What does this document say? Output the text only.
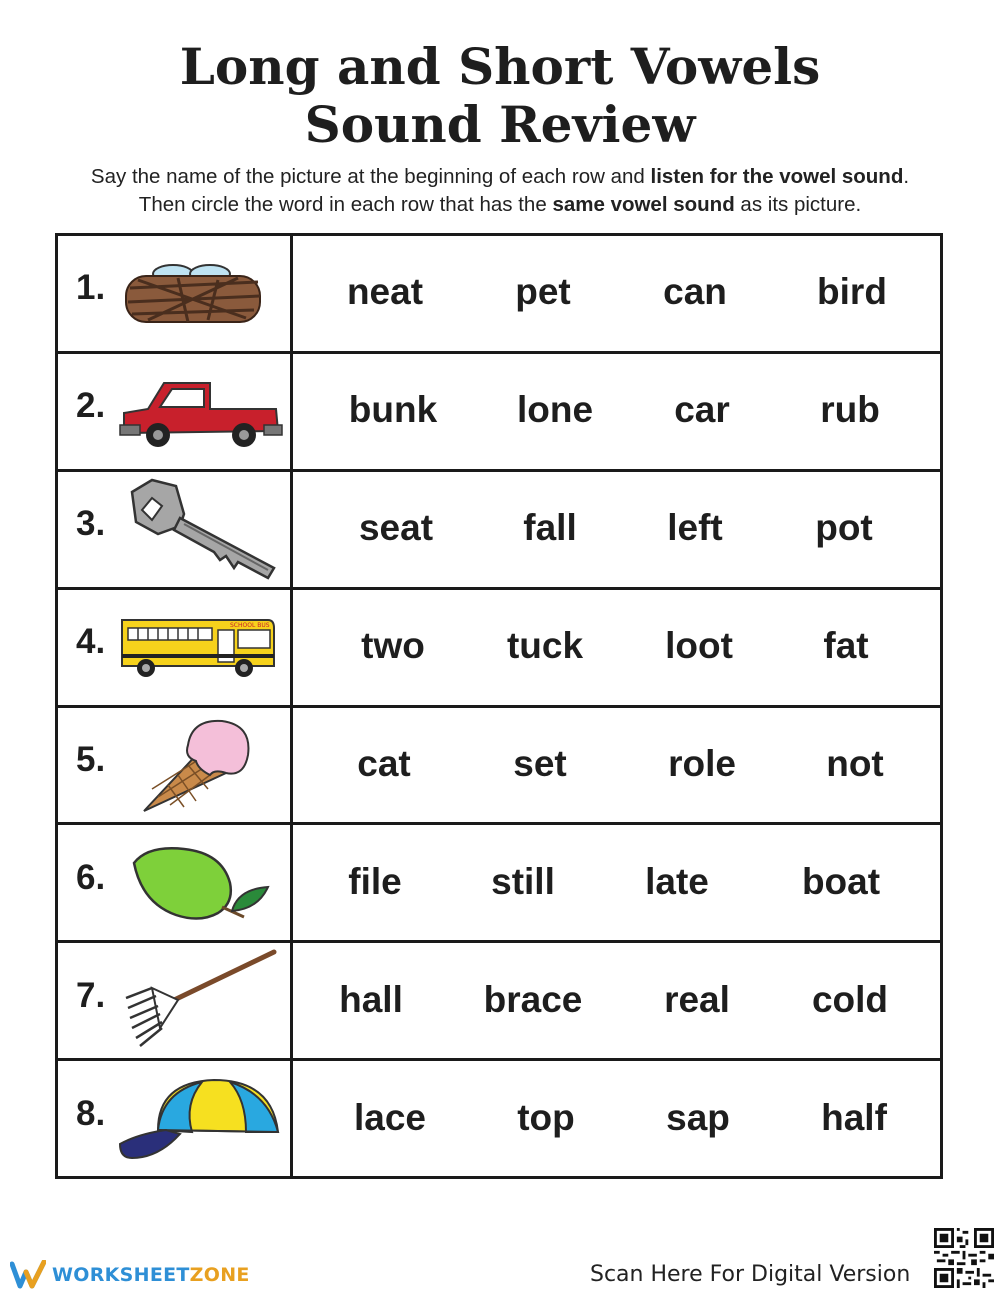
Long and Short Vowels
Sound Review
Say the name of the picture at the beginning of each row and listen for the vowel sound.
Then circle the word in each row that has the same vowel sound as its picture.
1.	neat pet can bird

2.	bunk lone car rub

3.	seat fall left pot

4. SCHOOL BUS	two tuck loot fat

5.	cat set role not

6.	file still late boat

7.	hall brace real cold

8.	lace top sap half
WORKSHEETZONE	Scan Here For Digital Version
